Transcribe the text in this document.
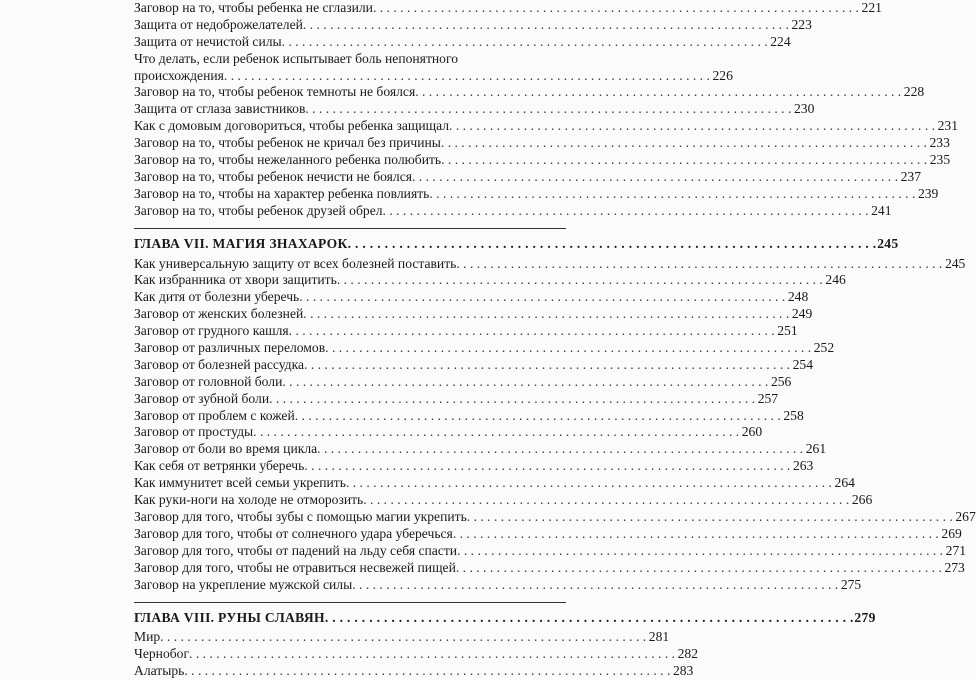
Заговор на то, чтобы ребенка не сглазили . . .	221
Защита от недоброжелателей . . .	223
Защита от нечистой силы . . .	224
Что делать, если ребенок испытывает боль непонятного
происхождения . . .	226
Заговор на то, чтобы ребенок темноты не боялся . . .	228
Защита от сглаза завистников . . .	230
Как с домовым договориться, чтобы ребенка защищал . . .	231
Заговор на то, чтобы ребенок не кричал без причины . . .	233
Заговор на то, чтобы нежеланного ребенка полюбить . . .	235
Заговор на то, чтобы ребенок нечисти не боялся . . .	237
Заговор на то, чтобы на характер ребенка повлиять . . .	239
Заговор на то, чтобы ребенок друзей обрел . . .	241
ГЛАВА VII. МАГИЯ ЗНАХАРОК . . .	245
Как универсальную защиту от всех болезней поставить . . .	245
Как избранника от хвори защитить . . .	246
Как дитя от болезни уберечь . . .	248
Заговор от женских болезней . . .	249
Заговор от грудного кашля . . .	251
Заговор от различных переломов . . .	252
Заговор от болезней рассудка . . .	254
Заговор от головной боли . . .	256
Заговор от зубной боли . . .	257
Заговор от проблем с кожей . . .	258
Заговор от простуды . . .	260
Заговор от боли во время цикла . . .	261
Как себя от ветрянки уберечь . . .	263
Как иммунитет всей семьи укрепить . . .	264
Как руки-ноги на холоде не отморозить . . .	266
Заговор для того, чтобы зубы с помощью магии укрепить . . .	267
Заговор для того, чтобы от солнечного удара уберечься . . .	269
Заговор для того, чтобы от падений на льду себя спасти . . .	271
Заговор для того, чтобы не отравиться несвежей пищей . . .	273
Заговор на укрепление мужской силы . . .	275
ГЛАВА VIII. РУНЫ СЛАВЯН . . .	279
Мир . . .	281
Чернобог . . .	282
Алатырь . . .	283
